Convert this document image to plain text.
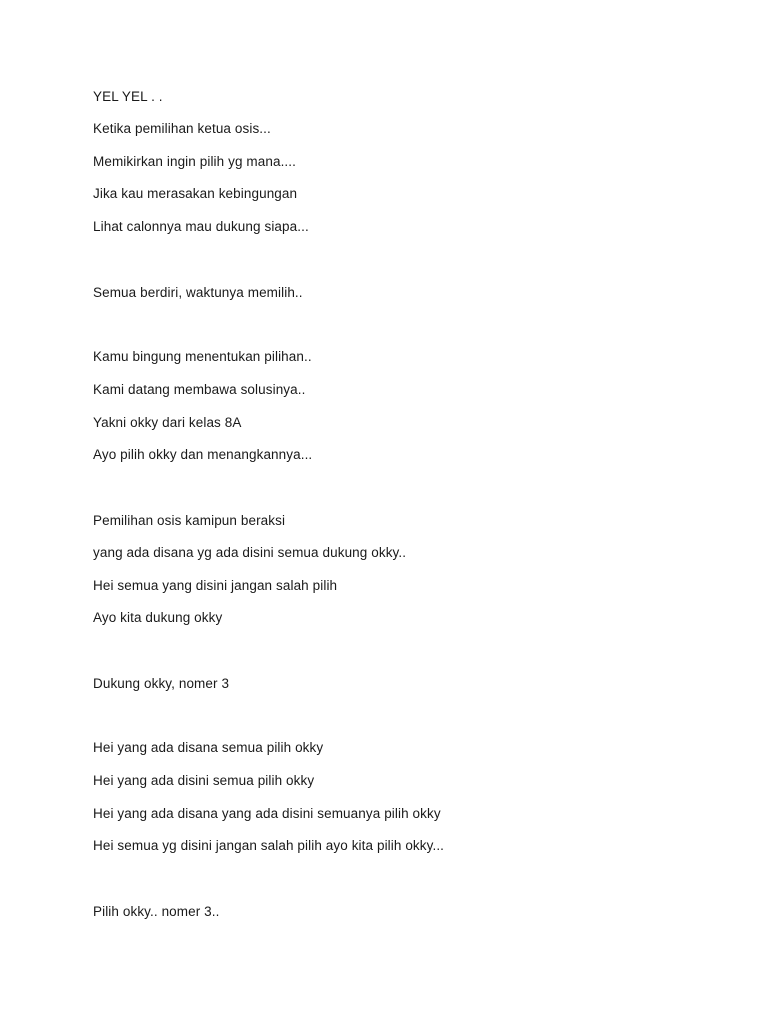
YEL YEL . .
Ketika pemilihan ketua osis...
Memikirkan ingin pilih yg mana....
Jika kau merasakan kebingungan
Lihat calonnya mau dukung siapa...
Semua berdiri, waktunya memilih..
Kamu bingung menentukan pilihan..
Kami datang membawa solusinya..
Yakni okky dari kelas 8A
Ayo pilih okky dan menangkannya...
Pemilihan osis kamipun beraksi
yang ada disana yg ada disini semua dukung okky..
Hei semua yang disini jangan salah pilih
Ayo kita dukung okky
Dukung okky, nomer 3
Hei yang ada disana semua pilih okky
Hei yang ada disini semua pilih okky
Hei yang ada disana yang ada disini semuanya pilih okky
Hei semua yg disini jangan salah pilih ayo kita pilih okky...
Pilih okky.. nomer 3..
